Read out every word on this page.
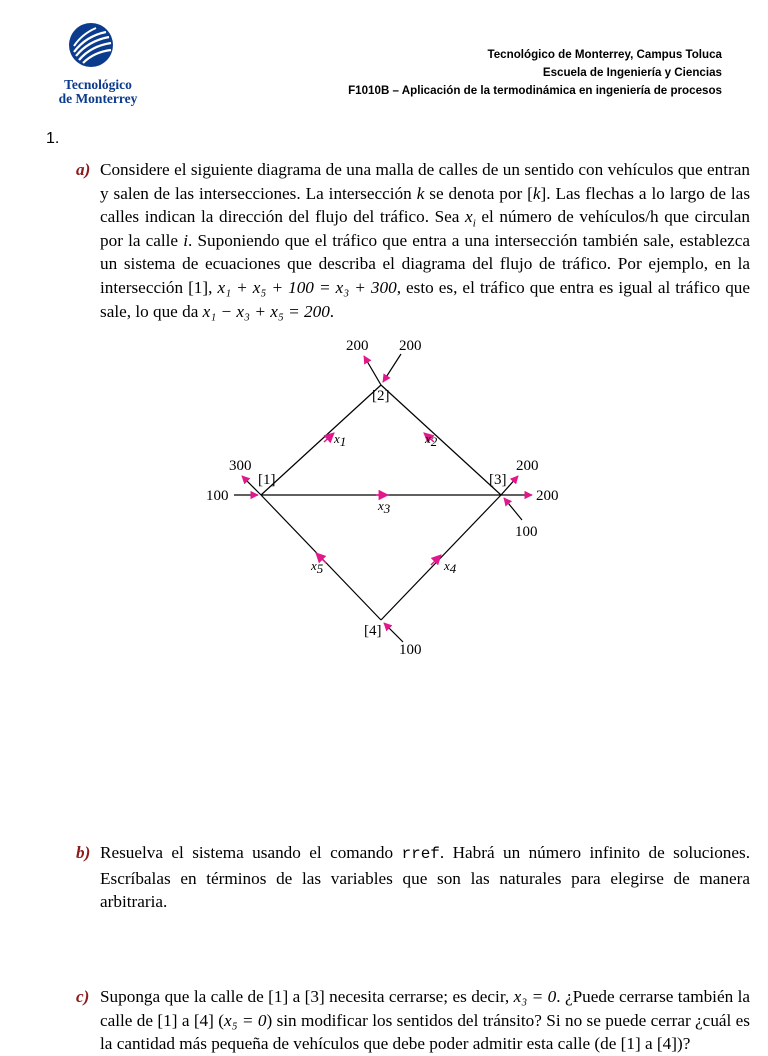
Tecnológico
de Monterrey
Tecnológico de Monterrey, Campus Toluca
Escuela de Ingeniería y Ciencias
F1010B – Aplicación de la termodinámica en ingeniería de procesos
1.
a) Considere el siguiente diagrama de una malla de calles de un sentido con vehículos que entran y salen de las intersecciones. La intersección k se denota por [k]. Las flechas a lo largo de las calles indican la dirección del flujo del tráfico. Sea $x_i$ el número de vehículos/h que circulan por la calle i. Suponiendo que el tráfico que entra a una intersección también sale, establezca un sistema de ecuaciones que describa el diagrama del flujo de tráfico. Por ejemplo, en la intersección [1], x₁ + x₅ + 100 = x₃ + 300, esto es, el tráfico que entra es igual al tráfico que sale, lo que da x₁ − x₃ + x₅ = 200.
[2]
[1]	[3]
[4]
200 200
300
100
200
200
100
100
x1	x2
x3
x4
x5
b) Resuelva el sistema usando el comando rref. Habrá un número infinito de soluciones. Escríbalas en términos de las variables que son las naturales para elegirse de manera arbitraria.
c) Suponga que la calle de [1] a [3] necesita cerrarse; es decir, x₃ = 0. ¿Puede cerrarse también la calle de [1] a [4] (x₅ = 0) sin modificar los sentidos del tránsito? Si no se puede cerrar ¿cuál es la cantidad más pequeña de vehículos que debe poder admitir esta calle (de [1] a [4])?
